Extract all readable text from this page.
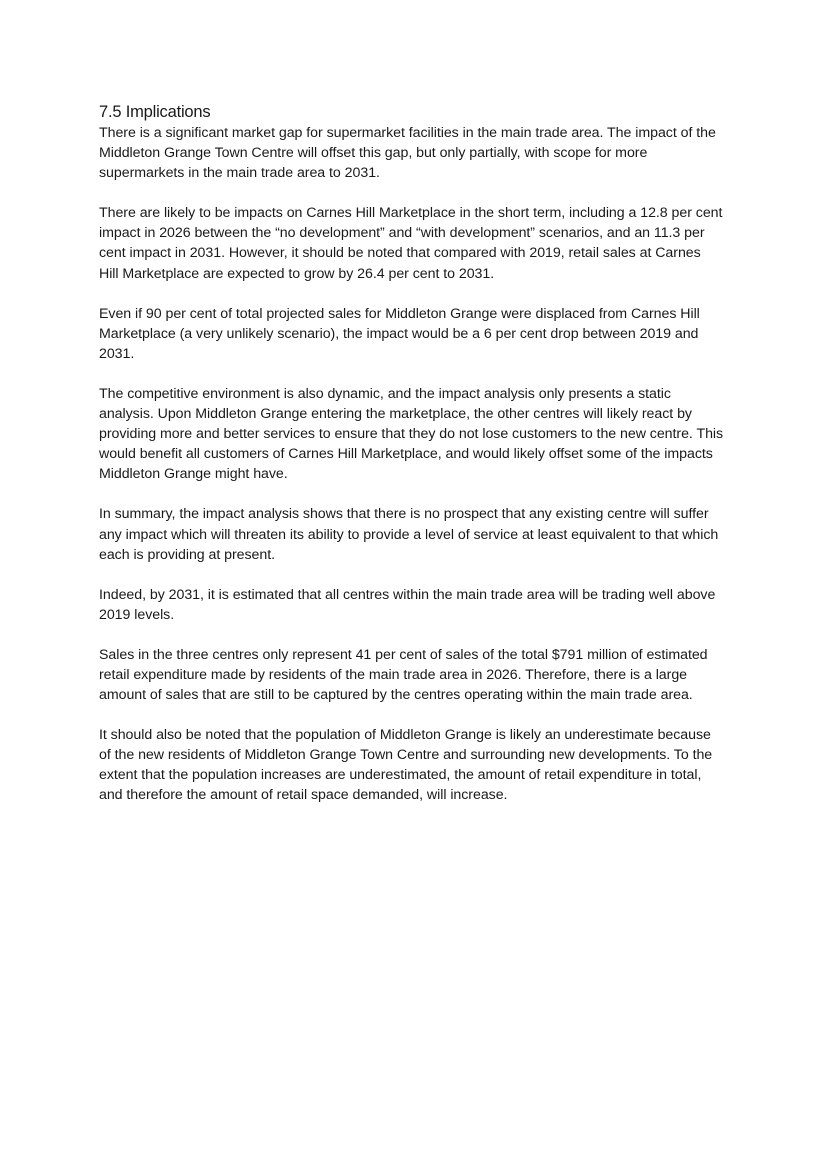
7.5 Implications

There is a significant market gap for supermarket facilities in the main trade area. The impact of the Middleton Grange Town Centre will offset this gap, but only partially, with scope for more supermarkets in the main trade area to 2031.

There are likely to be impacts on Carnes Hill Marketplace in the short term, including a 12.8 per cent impact in 2026 between the “no development” and “with development” scenarios, and an 11.3 per cent impact in 2031. However, it should be noted that compared with 2019, retail sales at Carnes Hill Marketplace are expected to grow by 26.4 per cent to 2031.

Even if 90 per cent of total projected sales for Middleton Grange were displaced from Carnes Hill Marketplace (a very unlikely scenario), the impact would be a 6 per cent drop between 2019 and 2031.

The competitive environment is also dynamic, and the impact analysis only presents a static analysis. Upon Middleton Grange entering the marketplace, the other centres will likely react by providing more and better services to ensure that they do not lose customers to the new centre. This would benefit all customers of Carnes Hill Marketplace, and would likely offset some of the impacts Middleton Grange might have.

In summary, the impact analysis shows that there is no prospect that any existing centre will suffer any impact which will threaten its ability to provide a level of service at least equivalent to that which each is providing at present.

Indeed, by 2031, it is estimated that all centres within the main trade area will be trading well above 2019 levels.

Sales in the three centres only represent 41 per cent of sales of the total $791 million of estimated retail expenditure made by residents of the main trade area in 2026. Therefore, there is a large amount of sales that are still to be captured by the centres operating within the main trade area.

It should also be noted that the population of Middleton Grange is likely an underestimate because of the new residents of Middleton Grange Town Centre and surrounding new developments. To the extent that the population increases are underestimated, the amount of retail expenditure in total, and therefore the amount of retail space demanded, will increase.
